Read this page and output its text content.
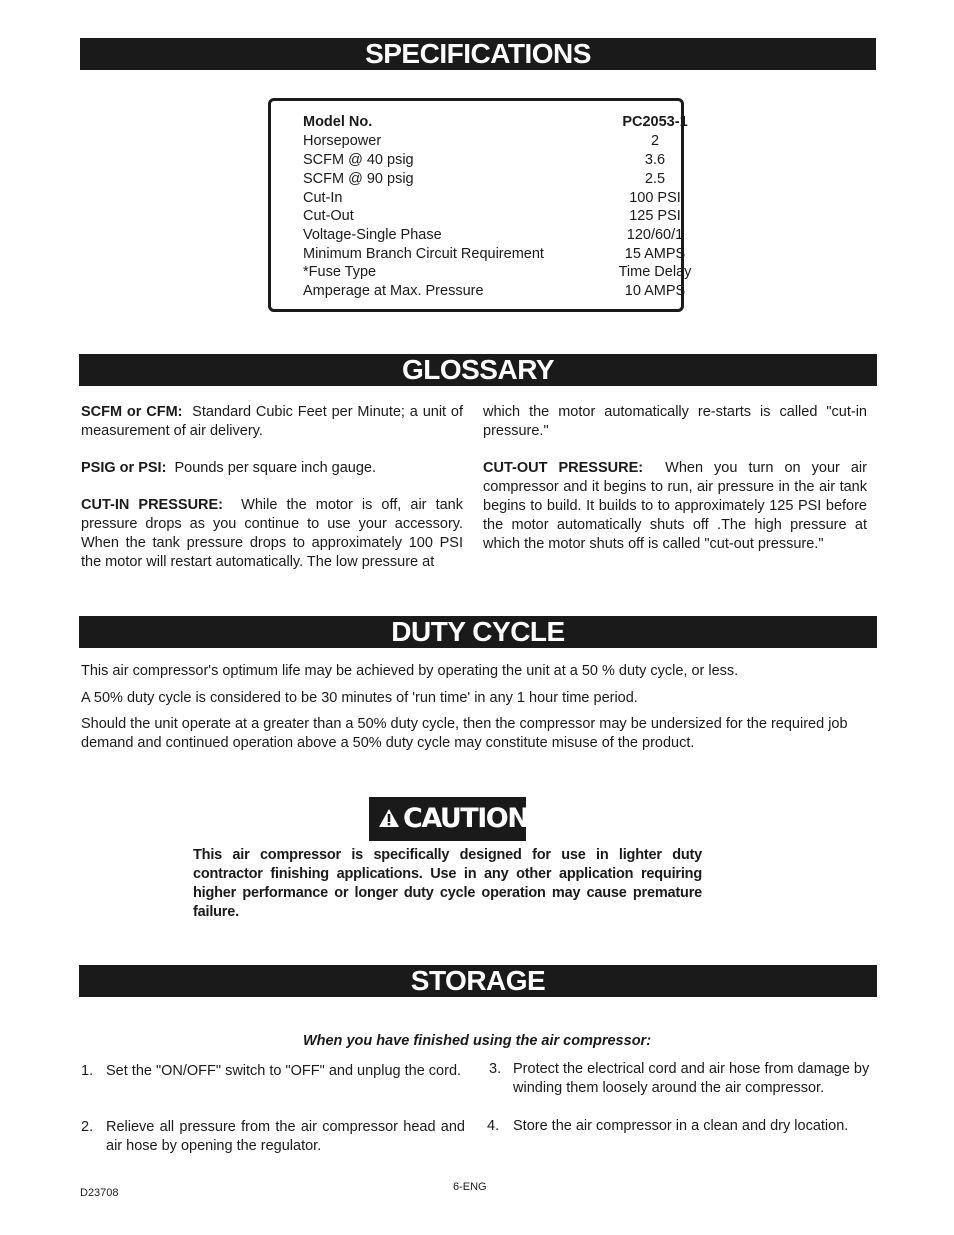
SPECIFICATIONS
Model No.	PC2053-1
Horsepower	2
SCFM @ 40 psig	3.6
SCFM @ 90 psig	2.5
Cut-In	100 PSI
Cut-Out	125 PSI
Voltage-Single Phase	120/60/1
Minimum Branch Circuit Requirement	15 AMPS
*Fuse Type	Time Delay
Amperage at Max. Pressure	10 AMPS
GLOSSARY

SCFM or CFM: Standard Cubic Feet per Minute; a unit of measurement of air delivery.

PSIG or PSI: Pounds per square inch gauge.

CUT-IN PRESSURE: While the motor is off, air tank pressure drops as you continue to use your accessory. When the tank pressure drops to approximately 100 PSI the motor will restart automatically. The low pressure at

which the motor automatically re-starts is called "cut-in pressure."

CUT-OUT PRESSURE: When you turn on your air compressor and it begins to run, air pressure in the air tank begins to build. It builds to to approximately 125 PSI before the motor automatically shuts off .The high pressure at which the motor shuts off is called "cut-out pressure."

DUTY CYCLE

This air compressor's optimum life may be achieved by operating the unit at a 50 % duty cycle, or less.

A 50% duty cycle is considered to be 30 minutes of 'run time' in any 1 hour time period.

Should the unit operate at a greater than a 50% duty cycle, then the compressor may be undersized for the required job demand and continued operation above a 50% duty cycle may constitute misuse of the product.

CAUTION
This air compressor is specifically designed for use in lighter duty contractor finishing applications. Use in any other application requiring higher performance or longer duty cycle operation may cause premature failure.
STORAGE
When you have finished using the air compressor:
1. Set the "ON/OFF" switch to "OFF" and unplug the cord.
2. Relieve all pressure from the air compressor head and air hose by opening the regulator.
3. Protect the electrical cord and air hose from damage by winding them loosely around the air compressor.
4. Store the air compressor in a clean and dry location.
D23708	6-ENG
